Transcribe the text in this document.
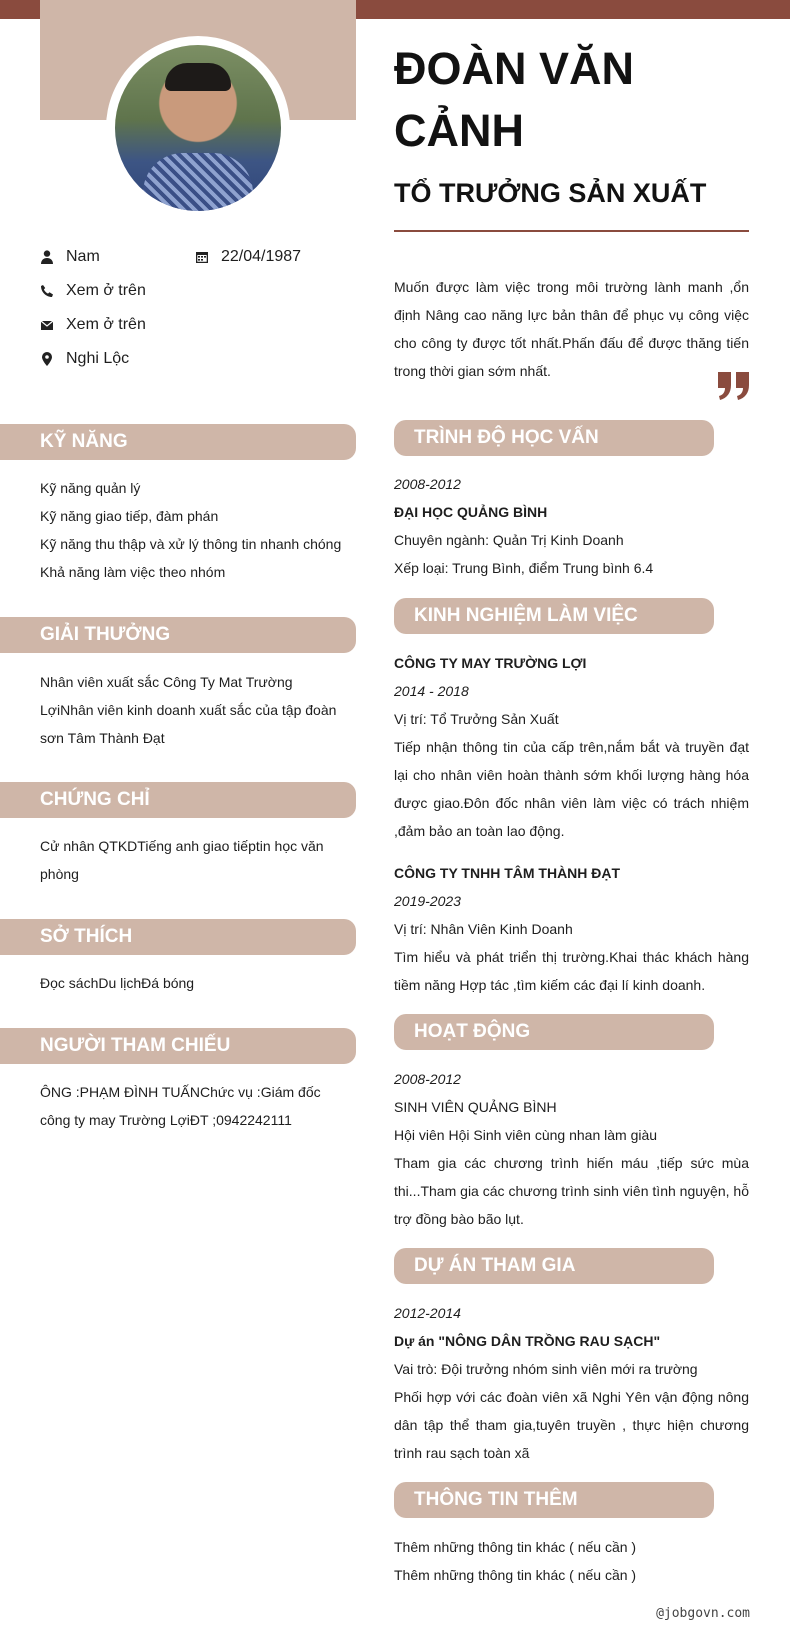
ĐOÀN VĂN CẢNH
TỔ TRƯỞNG SẢN XUẤT
Nam	22/04/1987
Xem ở trên
Xem ở trên
Nghi Lộc
Muốn được làm việc trong môi trường lành manh ,ổn định Nâng cao năng lực bản thân để phục vụ công việc cho công ty được tốt nhất.Phấn đấu để được thăng tiến trong thời gian sớm nhất.
KỸ NĂNG
Kỹ năng quản lý
Kỹ năng giao tiếp, đàm phán
Kỹ năng thu thập và xử lý thông tin nhanh chóng
Khả năng làm việc theo nhóm
GIẢI THƯỞNG
Nhân viên xuất sắc Công Ty Mat Trường LợiNhân viên kinh doanh xuất sắc của tập đoàn sơn Tâm Thành Đạt
CHỨNG CHỈ
Cử nhân QTKDTiếng anh giao tiếptin học văn phòng
SỞ THÍCH
Đọc sáchDu lịchĐá bóng
NGƯỜI THAM CHIẾU
ÔNG :PHẠM ĐÌNH TUẤNChức vụ :Giám đốc công ty may Trường LợiĐT ;0942242111
TRÌNH ĐỘ HỌC VẤN
2008-2012
ĐẠI HỌC QUẢNG BÌNH
Chuyên ngành: Quản Trị Kinh Doanh
Xếp loại: Trung Bình, điểm Trung bình 6.4
KINH NGHIỆM LÀM VIỆC
CÔNG TY MAY TRƯỜNG LỢI
2014 - 2018
Vị trí: Tổ Trưởng Sản Xuất
Tiếp nhận thông tin của cấp trên,nắm bắt và truyền đạt lại cho nhân viên hoàn thành sớm khối lượng hàng hóa được giao.Đôn đốc nhân viên làm việc có trách nhiệm ,đảm bảo an toàn lao động.
CÔNG TY TNHH TÂM THÀNH ĐẠT
2019-2023
Vị trí: Nhân Viên Kinh Doanh
Tìm hiểu và phát triển thị trường.Khai thác khách hàng tiềm năng Hợp tác ,tìm kiếm các đại lí kinh doanh.
HOẠT ĐỘNG
2008-2012
SINH VIÊN QUẢNG BÌNH
Hội viên Hội Sinh viên cùng nhan làm giàu
Tham gia các chương trình hiến máu ,tiếp sức mùa thi...Tham gia các chương trình sinh viên tình nguyện, hỗ trợ đồng bào bão lụt.
DỰ ÁN THAM GIA
2012-2014
Dự án "NÔNG DÂN TRỒNG RAU SẠCH"
Vai trò: Đội trưởng nhóm sinh viên mới ra trường
Phối hợp với các đoàn viên xã Nghi Yên vận động nông dân tập thể tham gia,tuyên truyền , thực hiện chương trình rau sạch toàn xã
THÔNG TIN THÊM
Thêm những thông tin khác ( nếu cần )
Thêm những thông tin khác ( nếu cần )
@jobgovn.com
